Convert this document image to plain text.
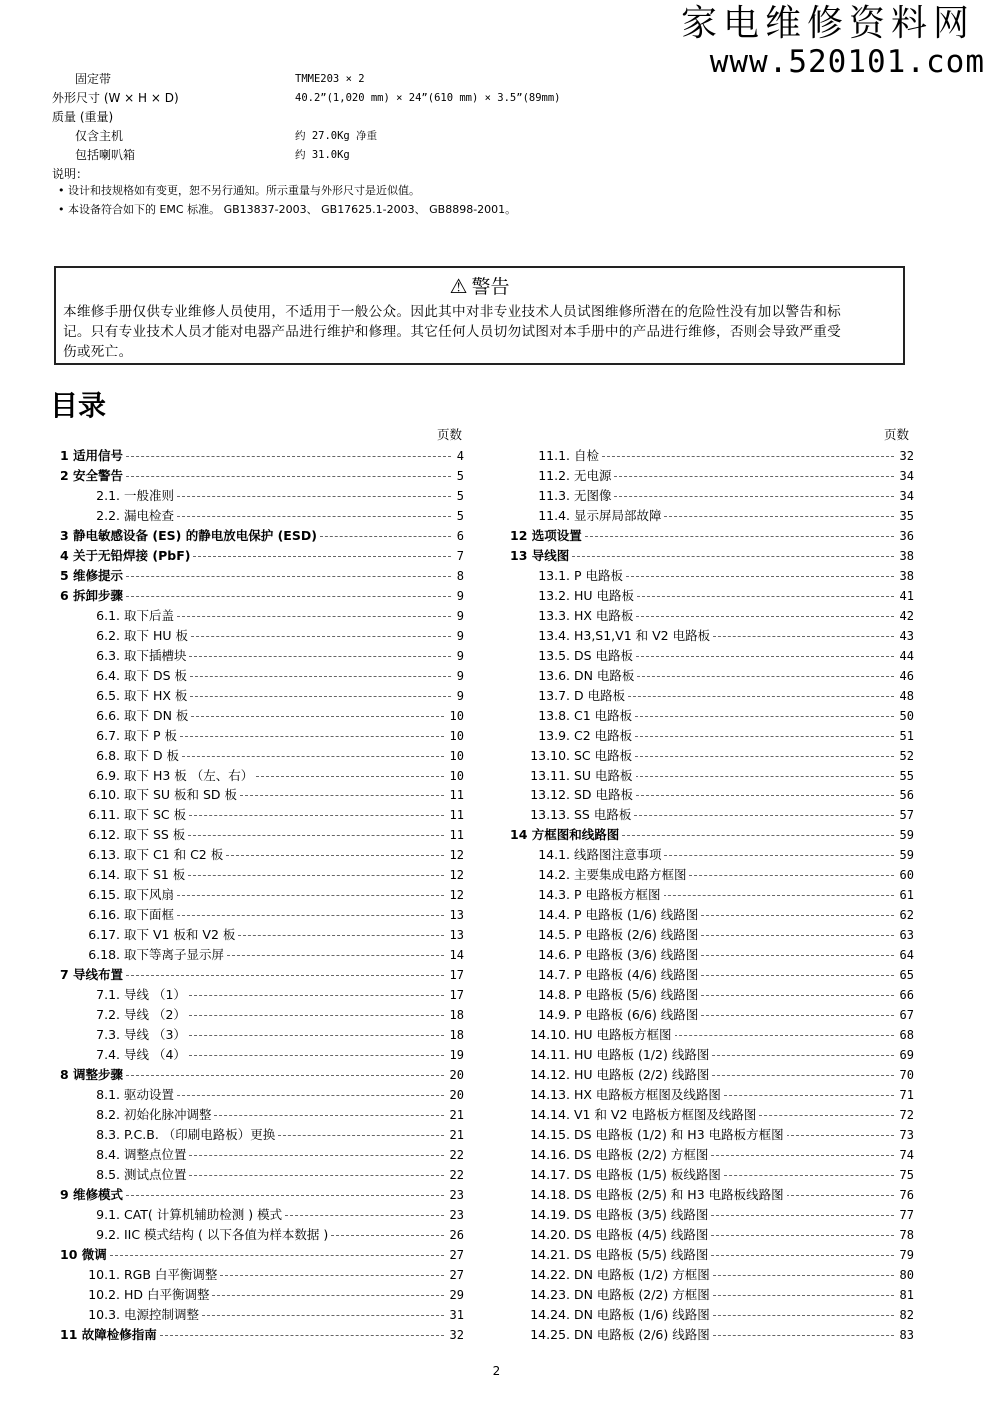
家电维修资料网
www.520101.com
固定带	TMME203 × 2
外形尺寸 (W × H × D)	40.2”(1,020 mm) × 24”(610 mm) × 3.5”(89mm)
质量 (重量)
仅含主机	约 27.0Kg 净重
包括喇叭箱	约 31.0Kg
说明：
• 设计和技规格如有变更，恕不另行通知。所示重量与外形尺寸是近似值。
• 本设备符合如下的 EMC 标准。 GB13837-2003、 GB17625.1-2003、 GB8898-2001。
⚠ 警告
本维修手册仅供专业维修人员使用，不适用于一般公众。因此其中对非专业技术人员试图维修所潜在的危险性没有加以警告和标
记。只有专业技术人员才能对电器产品进行维护和修理。其它任何人员切勿试图对本手册中的产品进行维修，否则会导致严重受
伤或死亡。
目录
页数	页数
1 适用信号	4
2 安全警告	5
2.1. 一般准则	5
2.2. 漏电检查	5
3 静电敏感设备 (ES) 的静电放电保护 (ESD)	6
4 关于无铅焊接 (PbF)	7
5 维修提示	8
6 拆卸步骤	9
6.1. 取下后盖	9
6.2. 取下 HU 板	9
6.3. 取下插槽块	9
6.4. 取下 DS 板	9
6.5. 取下 HX 板	9
6.6. 取下 DN 板	10
6.7. 取下 P 板	10
6.8. 取下 D 板	10
6.9. 取下 H3 板 （左、右）	10
6.10. 取下 SU 板和 SD 板	11
6.11. 取下 SC 板	11
6.12. 取下 SS 板	11
6.13. 取下 C1 和 C2 板	12
6.14. 取下 S1 板	12
6.15. 取下风扇	12
6.16. 取下面框	13
6.17. 取下 V1 板和 V2 板	13
6.18. 取下等离子显示屏	14
7 导线布置	17
7.1. 导线 （1）	17
7.2. 导线 （2）	18
7.3. 导线 （3）	18
7.4. 导线 （4）	19
8 调整步骤	20
8.1. 驱动设置	20
8.2. 初始化脉冲调整	21
8.3. P.C.B. （印刷电路板）更换	21
8.4. 调整点位置	22
8.5. 测试点位置	22
9 维修模式	23
9.1. CAT( 计算机辅助检测 ) 模式	23
9.2. IIC 模式结构 ( 以下各值为样本数据 )	26
10 微调	27
10.1. RGB 白平衡调整	27
10.2. HD 白平衡调整	29
10.3. 电源控制调整	31
11 故障检修指南	32
11.1. 自检	32
11.2. 无电源	34
11.3. 无图像	34
11.4. 显示屏局部故障	35
12 选项设置	36
13 导线图	38
13.1. P 电路板	38
13.2. HU 电路板	41
13.3. HX 电路板	42
13.4. H3,S1,V1 和 V2 电路板	43
13.5. DS 电路板	44
13.6. DN 电路板	46
13.7. D 电路板	48
13.8. C1 电路板	50
13.9. C2 电路板	51
13.10. SC 电路板	52
13.11. SU 电路板	55
13.12. SD 电路板	56
13.13. SS 电路板	57
14 方框图和线路图	59
14.1. 线路图注意事项	59
14.2. 主要集成电路方框图	60
14.3. P 电路板方框图	61
14.4. P 电路板 (1/6) 线路图	62
14.5. P 电路板 (2/6) 线路图	63
14.6. P 电路板 (3/6) 线路图	64
14.7. P 电路板 (4/6) 线路图	65
14.8. P 电路板 (5/6) 线路图	66
14.9. P 电路板 (6/6) 线路图	67
14.10. HU 电路板方框图	68
14.11. HU 电路板 (1/2) 线路图	69
14.12. HU 电路板 (2/2) 线路图	70
14.13. HX 电路板方框图及线路图	71
14.14. V1 和 V2 电路板方框图及线路图	72
14.15. DS 电路板 (1/2) 和 H3 电路板方框图	73
14.16. DS 电路板 (2/2) 方框图	74
14.17. DS 电路板 (1/5) 板线路图	75
14.18. DS 电路板 (2/5) 和 H3 电路板线路图	76
14.19. DS 电路板 (3/5) 线路图	77
14.20. DS 电路板 (4/5) 线路图	78
14.21. DS 电路板 (5/5) 线路图	79
14.22. DN 电路板 (1/2) 方框图	80
14.23. DN 电路板 (2/2) 方框图	81
14.24. DN 电路板 (1/6) 线路图	82
14.25. DN 电路板 (2/6) 线路图	83
2
